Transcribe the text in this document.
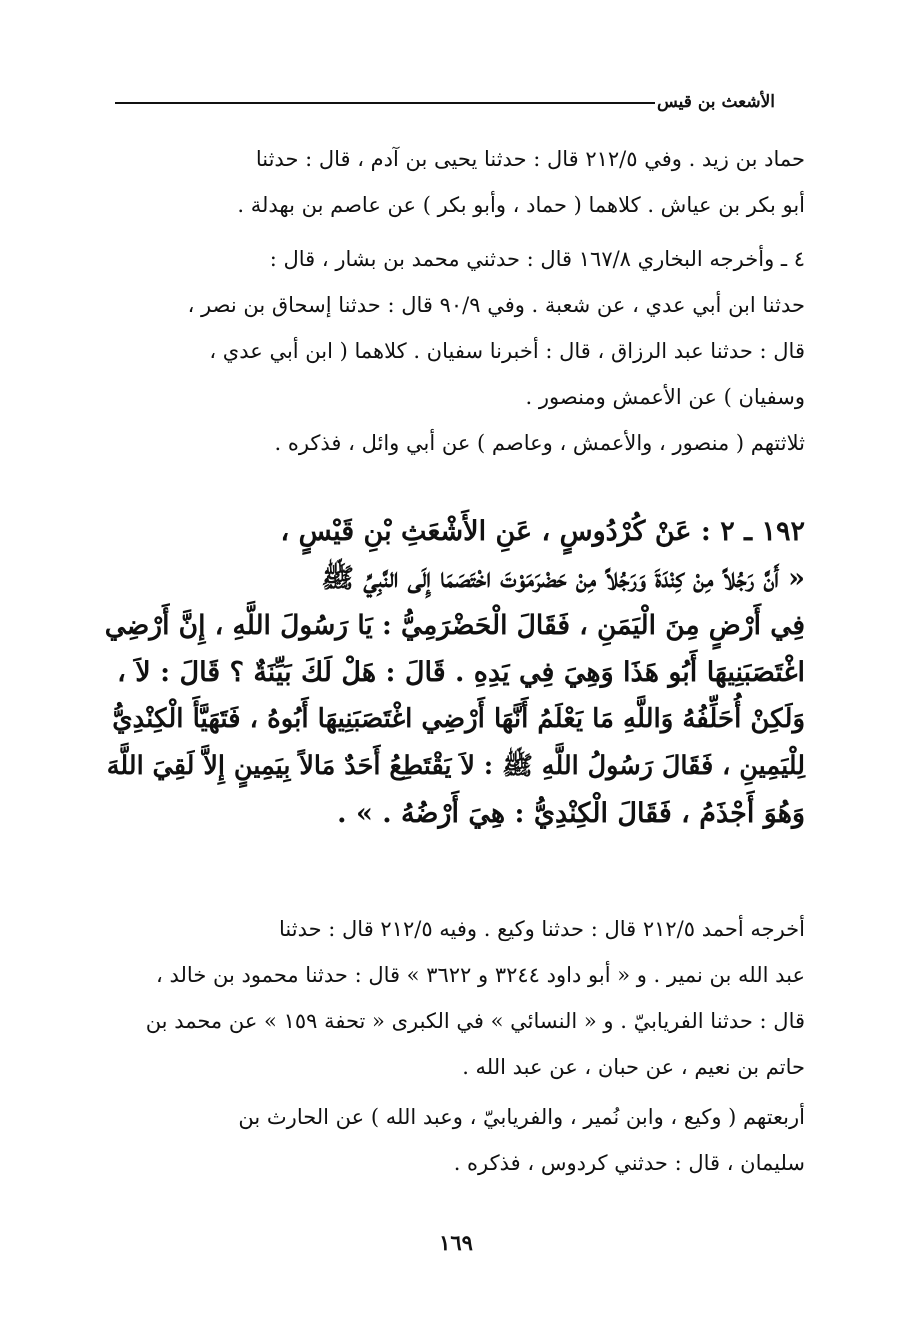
الأشعث بن قيس
حماد بن زيد . وفي ٢١٢/٥ قال : حدثنا يحيى بن آدم ، قال : حدثنا
أبو بكر بن عياش . كلاهما ( حماد ، وأبو بكر ) عن عاصم بن بهدلة .
٤ ـ وأخرجه البخاري ١٦٧/٨ قال : حدثني محمد بن بشار ، قال :
حدثنا ابن أبي عدي ، عن شعبة . وفي ٩٠/٩ قال : حدثنا إسحاق بن نصر ،
قال : حدثنا عبد الرزاق ، قال : أخبرنا سفيان . كلاهما ( ابن أبي عدي ،
وسفيان ) عن الأعمش ومنصور .
ثلاثتهم ( منصور ، والأعمش ، وعاصم ) عن أبي وائل ، فذكره .
١٩٢ ـ ٢ : عَنْ كُرْدُوسٍ ، عَنِ الأَشْعَثِ بْنِ قَيْسٍ ،
« أَنَّ رَجُلاً مِنْ كِنْدَةَ وَرَجُلاً مِنْ حَضْرَمَوْتَ اخْتَصَمَا إِلَى النَّبِيِّ ﷺ
فِي أَرْضٍ مِنَ الْيَمَنِ ، فَقَالَ الْحَضْرَمِيُّ : يَا رَسُولَ اللَّهِ ، إِنَّ أَرْضِي
اغْتَصَبَنِيهَا أَبُو هَذَا وَهِيَ فِي يَدِهِ . قَالَ : هَلْ لَكَ بَيِّنَةٌ ؟ قَالَ : لاَ ،
وَلَكِنْ أُحَلِّفُهُ وَاللَّهِ مَا يَعْلَمُ أَنَّهَا أَرْضِي اغْتَصَبَنِيهَا أَبُوهُ ، فَتَهَيَّأَ الْكِنْدِيُّ
لِلْيَمِينِ ، فَقَالَ رَسُولُ اللَّهِ ﷺ : لاَ يَقْتَطِعُ أَحَدٌ مَالاً بِيَمِينٍ إِلاَّ لَقِيَ اللَّهَ
وَهُوَ أَجْذَمُ ، فَقَالَ الْكِنْدِيُّ : هِيَ أَرْضُهُ . » .
أخرجه أحمد ٢١٢/٥ قال : حدثنا وكيع . وفيه ٢١٢/٥ قال : حدثنا
عبد الله بن نمير . و « أبو داود ٣٢٤٤ و ٣٦٢٢ » قال : حدثنا محمود بن خالد ،
قال : حدثنا الفريابيّ . و « النسائي » في الكبرى « تحفة ١٥٩ » عن محمد بن
حاتم بن نعيم ، عن حبان ، عن عبد الله .
أربعتهم ( وكيع ، وابن نُمير ، والفريابيّ ، وعبد الله ) عن الحارث بن
سليمان ، قال : حدثني كردوس ، فذكره .
١٦٩
